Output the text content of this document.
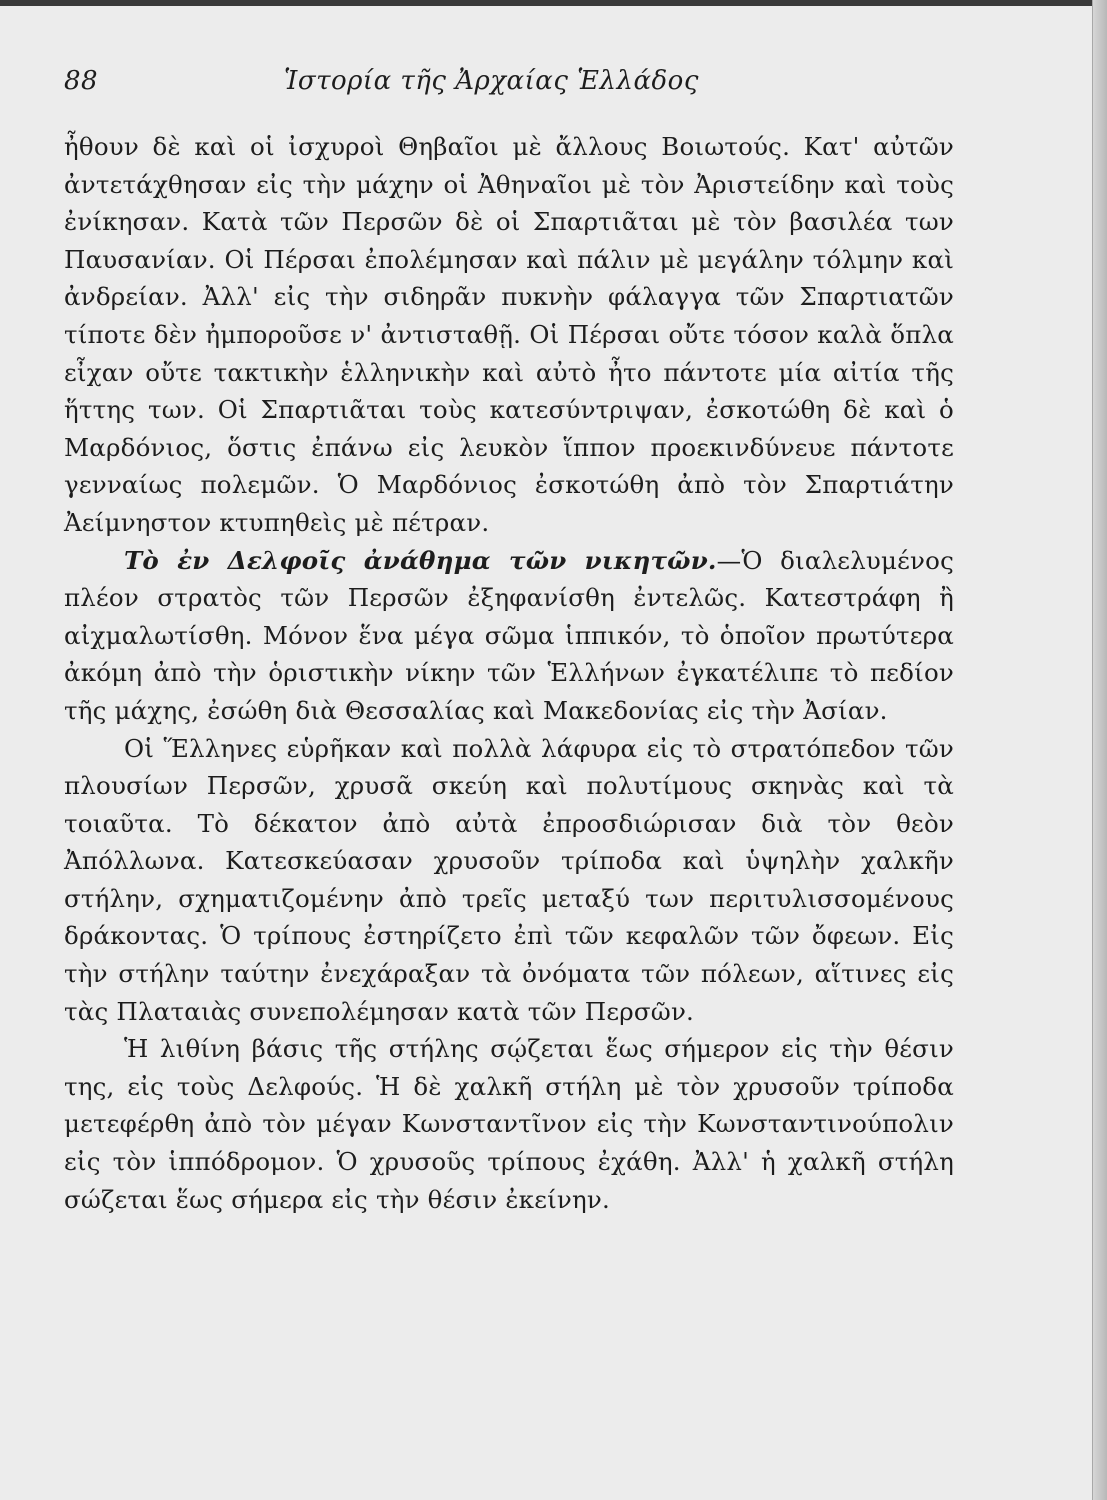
88	Ἱστορία τῆς Ἀρχαίας Ἑλλάδος

ἦθουν δὲ καὶ οἱ ἰσχυροὶ Θηβαῖοι μὲ ἄλλους Βοιωτούς. Κατ' αὐτῶν ἀντετάχθησαν εἰς τὴν μάχην οἱ Ἀθηναῖοι μὲ τὸν Ἀριστείδην καὶ τοὺς ἐνίκησαν. Κατὰ τῶν Περσῶν δὲ οἱ Σπαρτιᾶται μὲ τὸν βασιλέα των Παυσανίαν. Οἱ Πέρσαι ἐπολέμησαν καὶ πάλιν μὲ μεγάλην τόλμην καὶ ἀνδρείαν. Ἀλλ' εἰς τὴν σιδηρᾶν πυκνὴν φάλαγγα τῶν Σπαρτιατῶν τίποτε δὲν ἠμποροῦσε ν' ἀντισταθῇ. Οἱ Πέρσαι οὔτε τόσον καλὰ ὅπλα εἶχαν οὔτε τακτικὴν ἑλληνικὴν καὶ αὐτὸ ἦτο πάντοτε μία αἰτία τῆς ἥττης των. Οἱ Σπαρτιᾶται τοὺς κατεσύντριψαν, ἐσκοτώθη δὲ καὶ ὁ Μαρδόνιος, ὅστις ἐπάνω εἰς λευκὸν ἵππον προεκινδύνευε πάντοτε γενναίως πολεμῶν. Ὁ Μαρδόνιος ἐσκοτώθη ἀπὸ τὸν Σπαρτιάτην Ἀείμνηστον κτυπηθεὶς μὲ πέτραν.

Τὸ ἐν Δελφοῖς ἀνάθημα τῶν νικητῶν.—Ὁ διαλελυμένος πλέον στρατὸς τῶν Περσῶν ἐξηφανίσθη ἐντελῶς. Κατεστράφη ἢ αἰχμαλωτίσθη. Μόνον ἕνα μέγα σῶμα ἱππικόν, τὸ ὁποῖον πρωτύτερα ἀκόμη ἀπὸ τὴν ὁριστικὴν νίκην τῶν Ἑλλήνων ἐγκατέλιπε τὸ πεδίον τῆς μάχης, ἐσώθη διὰ Θεσσαλίας καὶ Μακεδονίας εἰς τὴν Ἀσίαν.

Οἱ Ἕλληνες εὑρῆκαν καὶ πολλὰ λάφυρα εἰς τὸ στρατόπεδον τῶν πλουσίων Περσῶν, χρυσᾶ σκεύη καὶ πολυτίμους σκηνὰς καὶ τὰ τοιαῦτα. Τὸ δέκατον ἀπὸ αὐτὰ ἐπροσδιώρισαν διὰ τὸν θεὸν Ἀπόλλωνα. Κατεσκεύασαν χρυσοῦν τρίποδα καὶ ὑψηλὴν χαλκῆν στήλην, σχηματιζομένην ἀπὸ τρεῖς μεταξύ των περιτυλισσομένους δράκοντας. Ὁ τρίπους ἐστηρίζετο ἐπὶ τῶν κεφαλῶν τῶν ὄφεων. Εἰς τὴν στήλην ταύτην ἐνεχάραξαν τὰ ὀνόματα τῶν πόλεων, αἵτινες εἰς τὰς Πλαταιὰς συνεπολέμησαν κατὰ τῶν Περσῶν.

Ἡ λιθίνη βάσις τῆς στήλης σῴζεται ἕως σήμερον εἰς τὴν θέσιν της, εἰς τοὺς Δελφούς. Ἡ δὲ χαλκῆ στήλη μὲ τὸν χρυσοῦν τρίποδα μετεφέρθη ἀπὸ τὸν μέγαν Κωνσταντῖνον εἰς τὴν Κωνσταντινούπολιν εἰς τὸν ἱππόδρομον. Ὁ χρυσοῦς τρίπους ἐχάθη. Ἀλλ' ἡ χαλκῆ στήλη σώζεται ἕως σήμερα εἰς τὴν θέσιν ἐκείνην.
